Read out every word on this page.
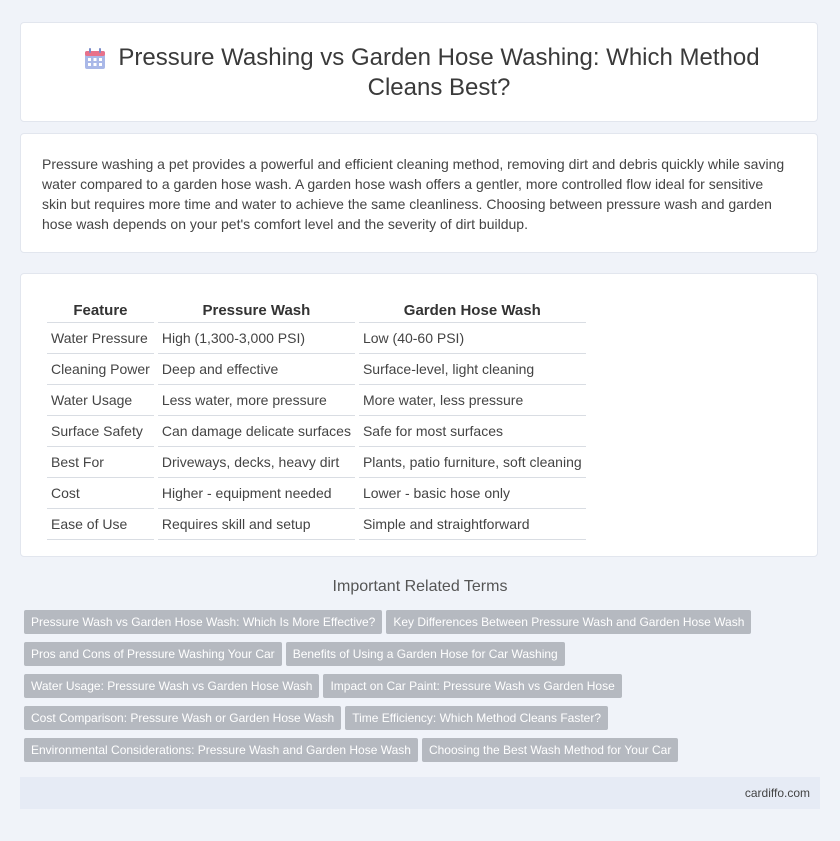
Pressure Washing vs Garden Hose Washing: Which Method Cleans Best?

Pressure washing a pet provides a powerful and efficient cleaning method, removing dirt and debris quickly while saving water compared to a garden hose wash. A garden hose wash offers a gentler, more controlled flow ideal for sensitive skin but requires more time and water to achieve the same cleanliness. Choosing between pressure wash and garden hose wash depends on your pet's comfort level and the severity of dirt buildup.

Feature	Pressure Wash	Garden Hose Wash
Water Pressure	High (1,300-3,000 PSI)	Low (40-60 PSI)
Cleaning Power	Deep and effective	Surface-level, light cleaning
Water Usage	Less water, more pressure	More water, less pressure
Surface Safety	Can damage delicate surfaces	Safe for most surfaces
Best For	Driveways, decks, heavy dirt	Plants, patio furniture, soft cleaning
Cost	Higher - equipment needed	Lower - basic hose only
Ease of Use	Requires skill and setup	Simple and straightforward
Important Related Terms
Pressure Wash vs Garden Hose Wash: Which Is More Effective? Key Differences Between Pressure Wash and Garden Hose Wash
Pros and Cons of Pressure Washing Your Car Benefits of Using a Garden Hose for Car Washing
Water Usage: Pressure Wash vs Garden Hose Wash Impact on Car Paint: Pressure Wash vs Garden Hose
Cost Comparison: Pressure Wash or Garden Hose Wash Time Efficiency: Which Method Cleans Faster?
Environmental Considerations: Pressure Wash and Garden Hose Wash Choosing the Best Wash Method for Your Car
cardiffo.com
